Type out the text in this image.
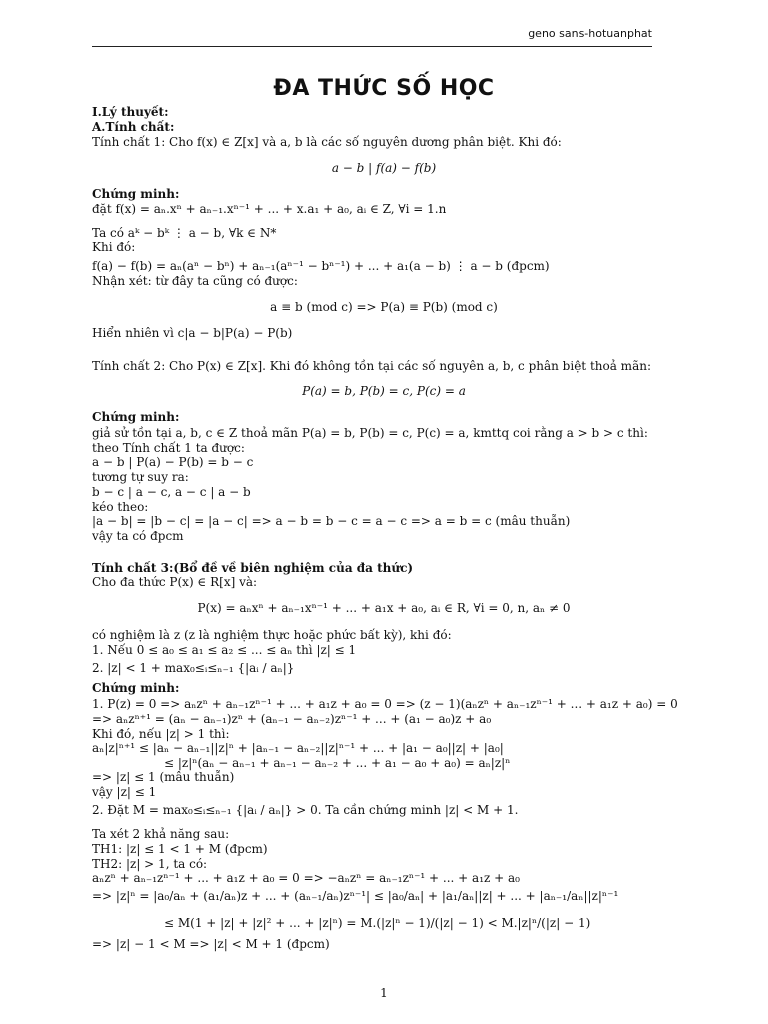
geno sans-hotuanphat
ĐA THỨC SỐ HỌC
I.Lý thuyết:
A.Tính chất:
Tính chất 1: Cho f(x) ∈ Z[x] và a, b là các số nguyên dương phân biệt. Khi đó:
a − b | f(a) − f(b)
Chứng minh:
đặt f(x) = aₙ.xⁿ + aₙ₋₁.xⁿ⁻¹ + ... + x.a₁ + a₀, aᵢ ∈ Z, ∀i = 1.n
Ta có aᵏ − bᵏ ⋮ a − b, ∀k ∈ N*
Khi đó:
f(a) − f(b) = aₙ(aⁿ − bⁿ) + aₙ₋₁(aⁿ⁻¹ − bⁿ⁻¹) + ... + a₁(a − b) ⋮ a − b (đpcm)
Nhận xét: từ đây ta cũng có được:
a ≡ b (mod c) => P(a) ≡ P(b) (mod c)
Hiển nhiên vì c|a − b|P(a) − P(b)
Tính chất 2: Cho P(x) ∈ Z[x]. Khi đó không tồn tại các số nguyên a, b, c phân biệt thoả mãn:
P(a) = b, P(b) = c, P(c) = a
Chứng minh:
giả sử tồn tại a, b, c ∈ Z thoả mãn P(a) = b, P(b) = c, P(c) = a, kmttq coi rằng a > b > c thì:
theo Tính chất 1 ta được:
a − b | P(a) − P(b) = b − c
tương tự suy ra:
b − c | a − c, a − c | a − b
kéo theo:
|a − b| = |b − c| = |a − c| => a − b = b − c = a − c => a = b = c (mâu thuẫn)
vậy ta có đpcm
Tính chất 3:(Bổ đề về biên nghiệm của đa thức)
Cho đa thức P(x) ∈ R[x] và:
P(x) = aₙxⁿ + aₙ₋₁xⁿ⁻¹ + ... + a₁x + a₀, aᵢ ∈ R, ∀i = 0, n, aₙ ≠ 0
có nghiệm là z (z là nghiệm thực hoặc phức bất kỳ), khi đó:
1. Nếu 0 ≤ a₀ ≤ a₁ ≤ a₂ ≤ ... ≤ aₙ thì |z| ≤ 1
2. |z| < 1 + max₀≤ᵢ≤ₙ₋₁ {|aᵢ / aₙ|}
Chứng minh:
1. P(z) = 0 => aₙzⁿ + aₙ₋₁zⁿ⁻¹ + ... + a₁z + a₀ = 0 => (z − 1)(aₙzⁿ + aₙ₋₁zⁿ⁻¹ + ... + a₁z + a₀) = 0
=> aₙzⁿ⁺¹ = (aₙ − aₙ₋₁)zⁿ + (aₙ₋₁ − aₙ₋₂)zⁿ⁻¹ + ... + (a₁ − a₀)z + a₀
Khi đó, nếu |z| > 1 thì:
aₙ|z|ⁿ⁺¹ ≤ |aₙ − aₙ₋₁||z|ⁿ + |aₙ₋₁ − aₙ₋₂||z|ⁿ⁻¹ + ... + |a₁ − a₀||z| + |a₀|
≤ |z|ⁿ(aₙ − aₙ₋₁ + aₙ₋₁ − aₙ₋₂ + ... + a₁ − a₀ + a₀) = aₙ|z|ⁿ
=> |z| ≤ 1 (mâu thuẫn)
vậy |z| ≤ 1
2. Đặt M = max₀≤ᵢ≤ₙ₋₁ {|aᵢ / aₙ|} > 0. Ta cần chứng minh |z| < M + 1.
Ta xét 2 khả năng sau:
TH1: |z| ≤ 1 < 1 + M (đpcm)
TH2: |z| > 1, ta có:
aₙzⁿ + aₙ₋₁zⁿ⁻¹ + ... + a₁z + a₀ = 0 => −aₙzⁿ = aₙ₋₁zⁿ⁻¹ + ... + a₁z + a₀
=> |z|ⁿ = |a₀/aₙ + (a₁/aₙ)z + ... + (aₙ₋₁/aₙ)zⁿ⁻¹| ≤ |a₀/aₙ| + |a₁/aₙ||z| + ... + |aₙ₋₁/aₙ||z|ⁿ⁻¹
≤ M(1 + |z| + |z|² + ... + |z|ⁿ) = M.(|z|ⁿ − 1)/(|z| − 1) < M.|z|ⁿ/(|z| − 1)
=> |z| − 1 < M => |z| < M + 1 (đpcm)
1
